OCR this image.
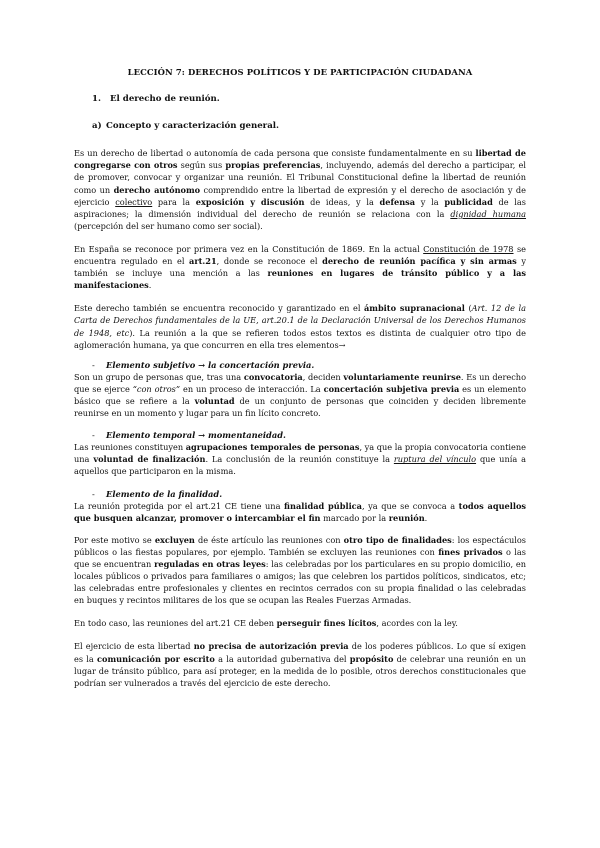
LECCIÓN 7: DERECHOS POLÍTICOS Y DE PARTICIPACIÓN CIUDADANA
1. El derecho de reunión.
a) Concepto y caracterización general.

Es un derecho de libertad o autonomía de cada persona que consiste fundamentalmente en su libertad de congregarse con otros según sus propias preferencias, incluyendo, además del derecho a participar, el de promover, convocar y organizar una reunión. El Tribunal Constitucional define la libertad de reunión como un derecho autónomo comprendido entre la libertad de expresión y el derecho de asociación y de ejercicio colectivo para la exposición y discusión de ideas, y la defensa y la publicidad de las aspiraciones; la dimensión individual del derecho de reunión se relaciona con la dignidad humana (percepción del ser humano como ser social).

En España se reconoce por primera vez en la Constitución de 1869. En la actual Constitución de 1978 se encuentra regulado en el art.21, donde se reconoce el derecho de reunión pacífica y sin armas y también se incluye una mención a las reuniones en lugares de tránsito público y a las manifestaciones.

Este derecho también se encuentra reconocido y garantizado en el ámbito supranacional (Art. 12 de la Carta de Derechos fundamentales de la UE, art.20.1 de la Declaración Universal de los Derechos Humanos de 1948, etc). La reunión a la que se refieren todos estos textos es distinta de cualquier otro tipo de aglomeración humana, ya que concurren en ella tres elementos→

- Elemento subjetivo → la concertación previa.

Son un grupo de personas que, tras una convocatoria, deciden voluntariamente reunirse. Es un derecho que se ejerce “con otros” en un proceso de interacción. La concertación subjetiva previa es un elemento básico que se refiere a la voluntad de un conjunto de personas que coinciden y deciden libremente reunirse en un momento y lugar para un fin lícito concreto.

- Elemento temporal → momentaneidad.

Las reuniones constituyen agrupaciones temporales de personas, ya que la propia convocatoria contiene una voluntad de finalización. La conclusión de la reunión constituye la ruptura del vínculo que unía a aquellos que participaron en la misma.

- Elemento de la finalidad.

La reunión protegida por el art.21 CE tiene una finalidad pública, ya que se convoca a todos aquellos que busquen alcanzar, promover o intercambiar el fin marcado por la reunión.

Por este motivo se excluyen de éste artículo las reuniones con otro tipo de finalidades: los espectáculos públicos o las fiestas populares, por ejemplo. También se excluyen las reuniones con fines privados o las que se encuentran reguladas en otras leyes: las celebradas por los particulares en su propio domicilio, en locales públicos o privados para familiares o amigos; las que celebren los partidos políticos, sindicatos, etc; las celebradas entre profesionales y clientes en recintos cerrados con su propia finalidad o las celebradas en buques y recintos militares de los que se ocupan las Reales Fuerzas Armadas.

En todo caso, las reuniones del art.21 CE deben perseguir fines lícitos, acordes con la ley.

El ejercicio de esta libertad no precisa de autorización previa de los poderes públicos. Lo que sí exigen es la comunicación por escrito a la autoridad gubernativa del propósito de celebrar una reunión en un lugar de tránsito público, para así proteger, en la medida de lo posible, otros derechos constitucionales que podrían ser vulnerados a través del ejercicio de este derecho.
